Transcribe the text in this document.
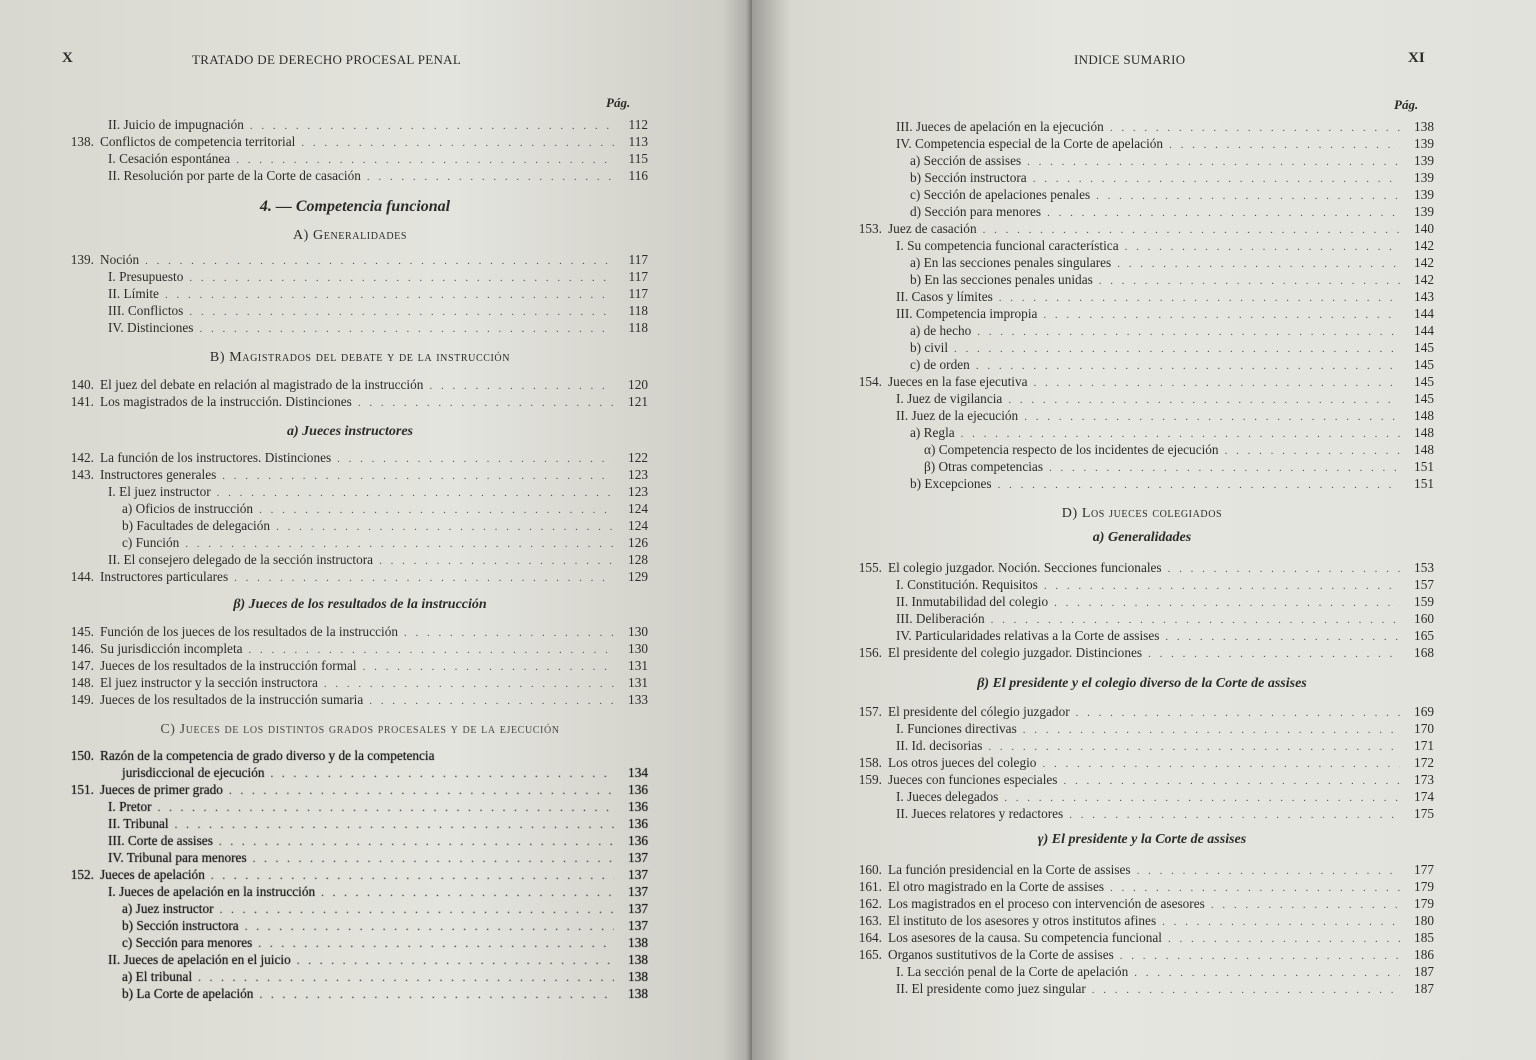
X	TRATADO DE DERECHO PROCESAL PENAL
Pág.
II. Juicio de impugnación . . .	112
138. Conflictos de competencia territorial . . .	113
I. Cesación espontánea . . .	115
II. Resolución por parte de la Corte de casación . . .	116
139. Noción . . .	117
I. Presupuesto . . .	117
II. Límite . . .	117
III. Conflictos . . .	118
IV. Distinciones . . .	118
140. El juez del debate en relación al magistrado de la instrucción . . .	120
141. Los magistrados de la instrucción. Distinciones . . .	121
142. La función de los instructores. Distinciones . . .	122
143. Instructores generales . . .	123
I. El juez instructor . . .	123
a) Oficios de instrucción . . .	124
b) Facultades de delegación . . .	124
c) Función . . .	126
II. El consejero delegado de la sección instructora . . .	128
144. Instructores particulares . . .	129
145. Función de los jueces de los resultados de la instrucción . . .	130
146. Su jurisdicción incompleta . . .	130
147. Jueces de los resultados de la instrucción formal . . .	131
148. El juez instructor y la sección instructora . . .	131
149. Jueces de los resultados de la instrucción sumaria . . .	133
150. Razón de la competencia de grado diverso y de la competencia
jurisdiccional de ejecución . . .	134
151. Jueces de primer grado . . .	136
I. Pretor . . .	136
II. Tribunal . . .	136
III. Corte de assises . . .	136
IV. Tribunal para menores . . .	137
152. Jueces de apelación . . .	137
I. Jueces de apelación en la instrucción . . .	137
a) Juez instructor . . .	137
b) Sección instructora . . .	137
c) Sección para menores . . .	138
II. Jueces de apelación en el juicio . . .	138
a) El tribunal . . .	138
b) La Corte de apelación . . .	138
4. — Competencia funcional
A) Generalidades
B) Magistrados del debate y de la instrucción
a) Jueces instructores
β) Jueces de los resultados de la instrucción
C) Jueces de los distintos grados procesales y de la ejecución
INDICE SUMARIO	XI
Pág.
III. Jueces de apelación en la ejecución . . .	138
IV. Competencia especial de la Corte de apelación . . .	139
a) Sección de assises . . .	139
b) Sección instructora . . .	139
c) Sección de apelaciones penales . . .	139
d) Sección para menores . . .	139
153. Juez de casación . . .	140
I. Su competencia funcional característica . . .	142
a) En las secciones penales singulares . . .	142
b) En las secciones penales unidas . . .	142
II. Casos y límites . . .	143
III. Competencia impropia . . .	144
a) de hecho . . .	144
b) civil . . .	145
c) de orden . . .	145
154. Jueces en la fase ejecutiva . . .	145
I. Juez de vigilancia . . .	145
II. Juez de la ejecución . . .	148
a) Regla . . .	148
α) Competencia respecto de los incidentes de ejecución . . .	148
β) Otras competencias . . .	151
b) Excepciones . . .	151
155. El colegio juzgador. Noción. Secciones funcionales . . .	153
I. Constitución. Requisitos . . .	157
II. Inmutabilidad del colegio . . .	159
III. Deliberación . . .	160
IV. Particularidades relativas a la Corte de assises . . .	165
156. El presidente del colegio juzgador. Distinciones . . .	168
157. El presidente del cólegio juzgador . . .	169
I. Funciones directivas . . .	170
II. Id. decisorias . . .	171
158. Los otros jueces del colegio . . .	172
159. Jueces con funciones especiales . . .	173
I. Jueces delegados . . .	174
II. Jueces relatores y redactores . . .	175
160. La función presidencial en la Corte de assises . . .	177
161. El otro magistrado en la Corte de assises . . .	179
162. Los magistrados en el proceso con intervención de asesores . . .	179
163. El instituto de los asesores y otros institutos afines . . .	180
164. Los asesores de la causa. Su competencia funcional . . .	185
165. Organos sustitutivos de la Corte de assises . . .	186
I. La sección penal de la Corte de apelación . . .	187
II. El presidente como juez singular . . .	187
D) Los jueces colegiados
a) Generalidades
β) El presidente y el colegio diverso de la Corte de assises
γ) El presidente y la Corte de assises
